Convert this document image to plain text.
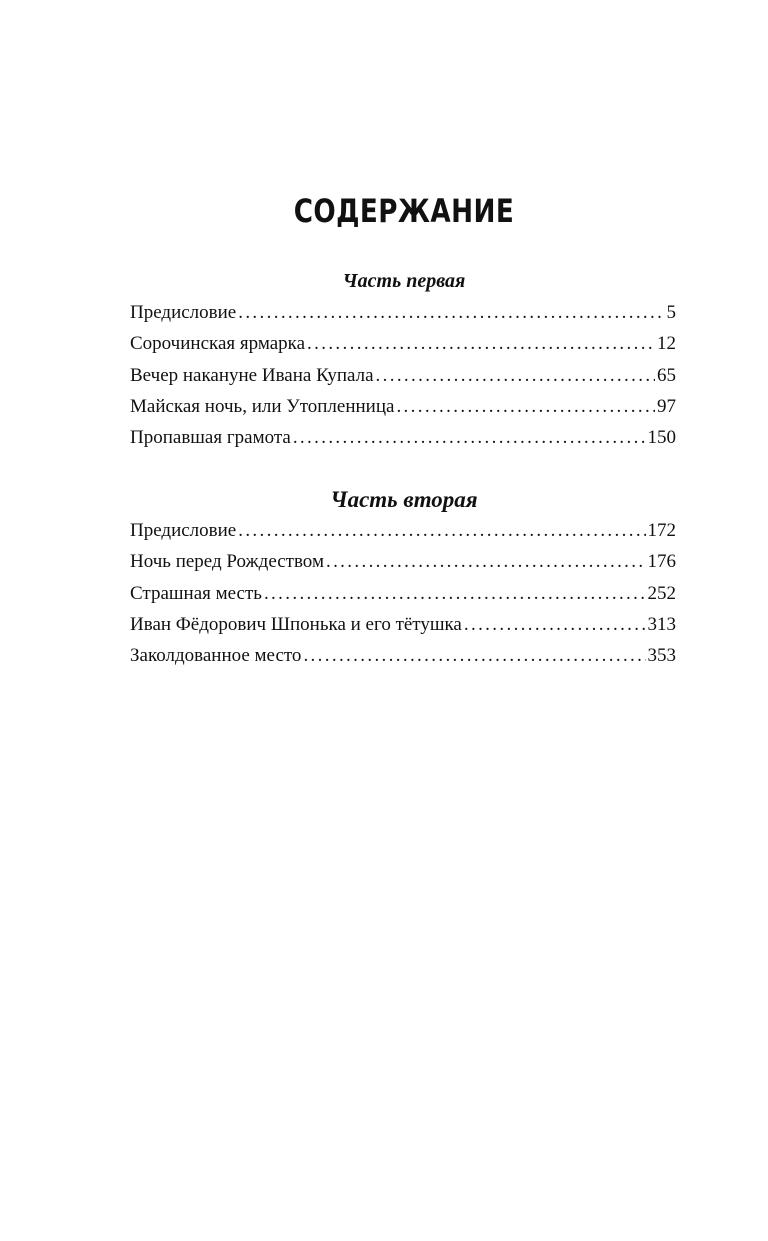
СОДЕРЖАНИЕ
Часть первая
Предисловие . . .	5
Сорочинская ярмарка . . .	12
Вечер накануне Ивана Купала . . .	65
Майская ночь, или Утопленница . . .	97
Пропавшая грамота . . .	150
Часть вторая
Предисловие . . .	172
Ночь перед Рождеством . . .	176
Страшная месть . . .	252
Иван Фёдорович Шпонька и его тётушка . . .	313
Заколдованное место . . .	353
